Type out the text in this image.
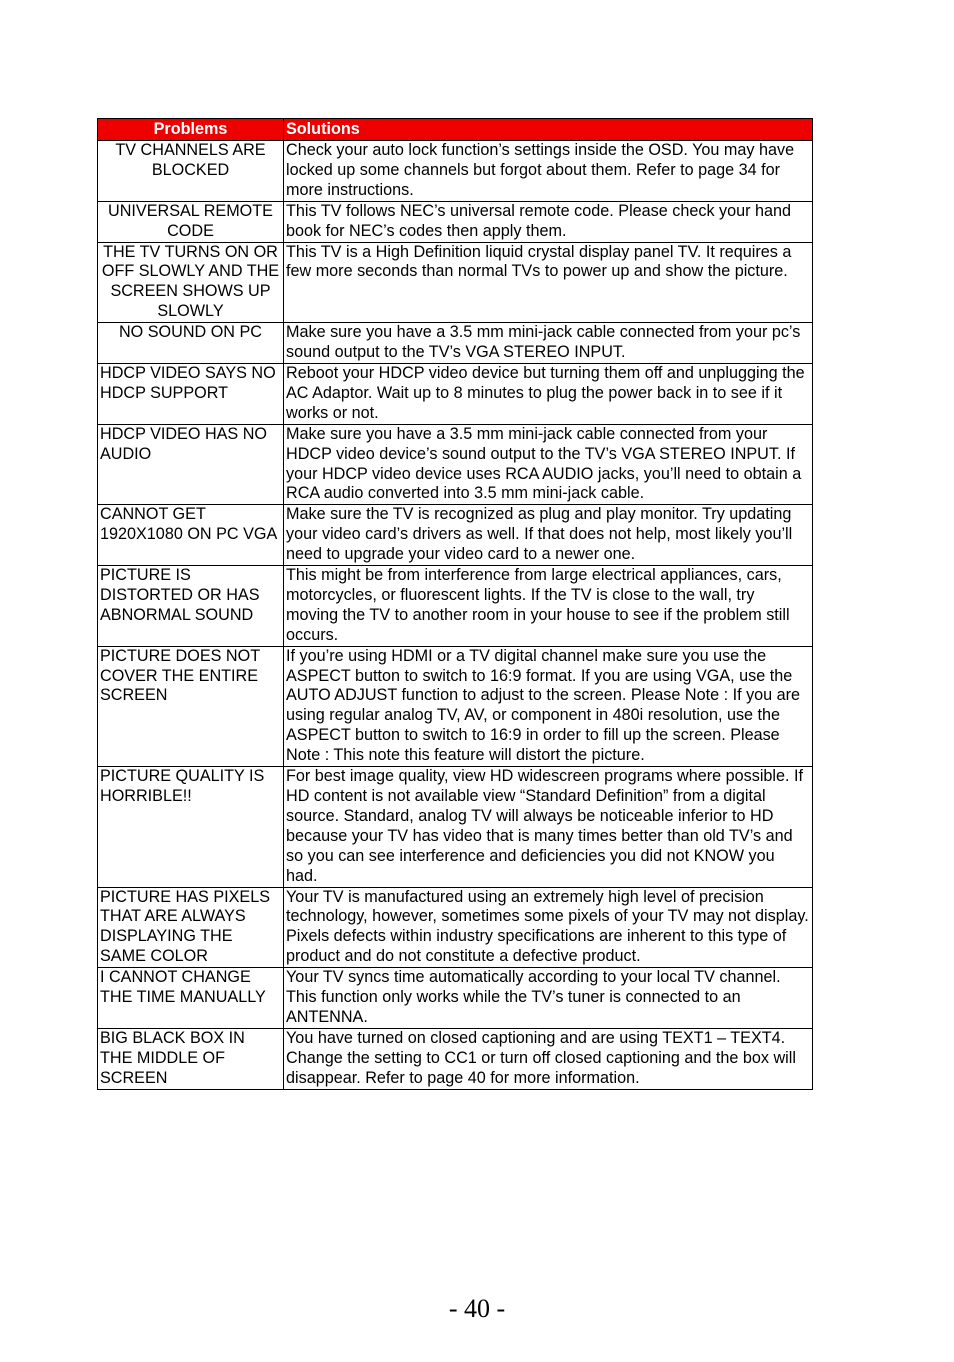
Problems	Solutions
TV CHANNELS ARE BLOCKED	Check your auto lock function’s settings inside the OSD. You may have locked up some channels but forgot about them. Refer to page 34 for more instructions.
UNIVERSAL REMOTE CODE	This TV follows NEC’s universal remote code. Please check your hand book for NEC’s codes then apply them.
THE TV TURNS ON OR OFF SLOWLY AND THE SCREEN SHOWS UP SLOWLY	This TV is a High Definition liquid crystal display panel TV. It requires a few more seconds than normal TVs to power up and show the picture.
NO SOUND ON PC	Make sure you have a 3.5 mm mini-jack cable connected from your pc’s sound output to the TV’s VGA STEREO INPUT.
HDCP VIDEO SAYS NO HDCP SUPPORT	Reboot your HDCP video device but turning them off and unplugging the AC Adaptor. Wait up to 8 minutes to plug the power back in to see if it works or not.
HDCP VIDEO HAS NO AUDIO	Make sure you have a 3.5 mm mini-jack cable connected from your HDCP video device’s sound output to the TV’s VGA STEREO INPUT. If your HDCP video device uses RCA AUDIO jacks, you’ll need to obtain a RCA audio converted into 3.5 mm mini-jack cable.
CANNOT GET 1920X1080 ON PC VGA	Make sure the TV is recognized as plug and play monitor. Try updating your video card’s drivers as well. If that does not help, most likely you’ll need to upgrade your video card to a newer one.
PICTURE IS DISTORTED OR HAS ABNORMAL SOUND	This might be from interference from large electrical appliances, cars, motorcycles, or fluorescent lights. If the TV is close to the wall, try moving the TV to another room in your house to see if the problem still occurs.
PICTURE DOES NOT COVER THE ENTIRE SCREEN	If you’re using HDMI or a TV digital channel make sure you use the ASPECT button to switch to 16:9 format. If you are using VGA, use the AUTO ADJUST function to adjust to the screen. Please Note : If you are using regular analog TV, AV, or component in 480i resolution, use the ASPECT button to switch to 16:9 in order to fill up the screen. Please Note : This note this feature will distort the picture.
PICTURE QUALITY IS HORRIBLE!!	For best image quality, view HD widescreen programs where possible. If HD content is not available view “Standard Definition” from a digital source. Standard, analog TV will always be noticeable inferior to HD because your TV has video that is many times better than old TV’s and so you can see interference and deficiencies you did not KNOW you had.
PICTURE HAS PIXELS THAT ARE ALWAYS DISPLAYING THE SAME COLOR	Your TV is manufactured using an extremely high level of precision technology, however, sometimes some pixels of your TV may not display. Pixels defects within industry specifications are inherent to this type of product and do not constitute a defective product.
I CANNOT CHANGE THE TIME MANUALLY	Your TV syncs time automatically according to your local TV channel. This function only works while the TV’s tuner is connected to an ANTENNA.
BIG BLACK BOX IN THE MIDDLE OF SCREEN	You have turned on closed captioning and are using TEXT1 – TEXT4. Change the setting to CC1 or turn off closed captioning and the box will disappear. Refer to page 40 for more information.
- 40 -
